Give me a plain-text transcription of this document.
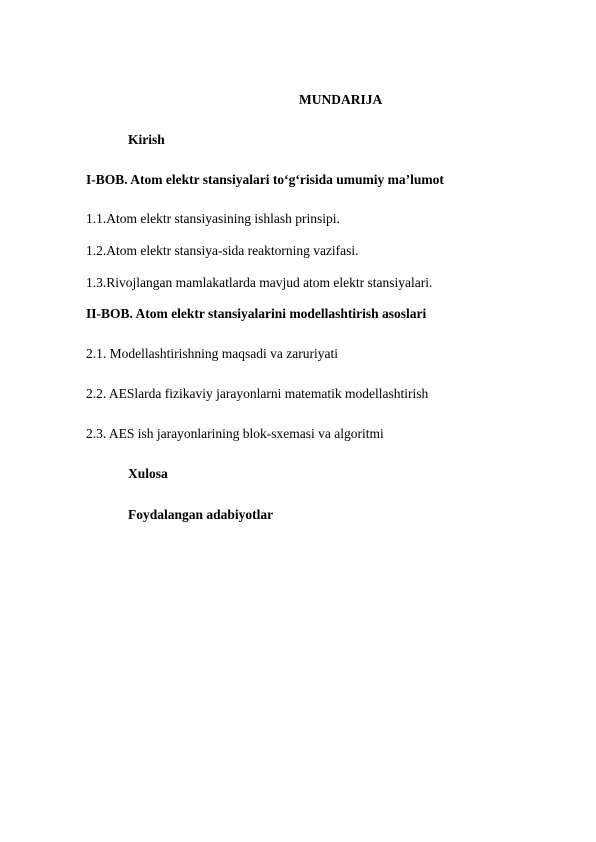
MUNDARIJA
Kirish
I-BOB. Atom elektr stansiyalari to‘g‘risida umumiy ma’lumot
1.1.Atom elektr stansiyasining ishlash prinsipi.
1.2.Atom elektr stansiya-sida reaktorning vazifasi.
1.3.Rivojlangan mamlakatlarda mavjud atom elektr stansiyalari.
II-BOB. Atom elektr stansiyalarini modellashtirish asoslari
2.1. Modellashtirishning maqsadi va zaruriyati
2.2. AESlarda fizikaviy jarayonlarni matematik modellashtirish
2.3. AES ish jarayonlarining blok-sxemasi va algoritmi
Xulosa
Foydalangan adabiyotlar
